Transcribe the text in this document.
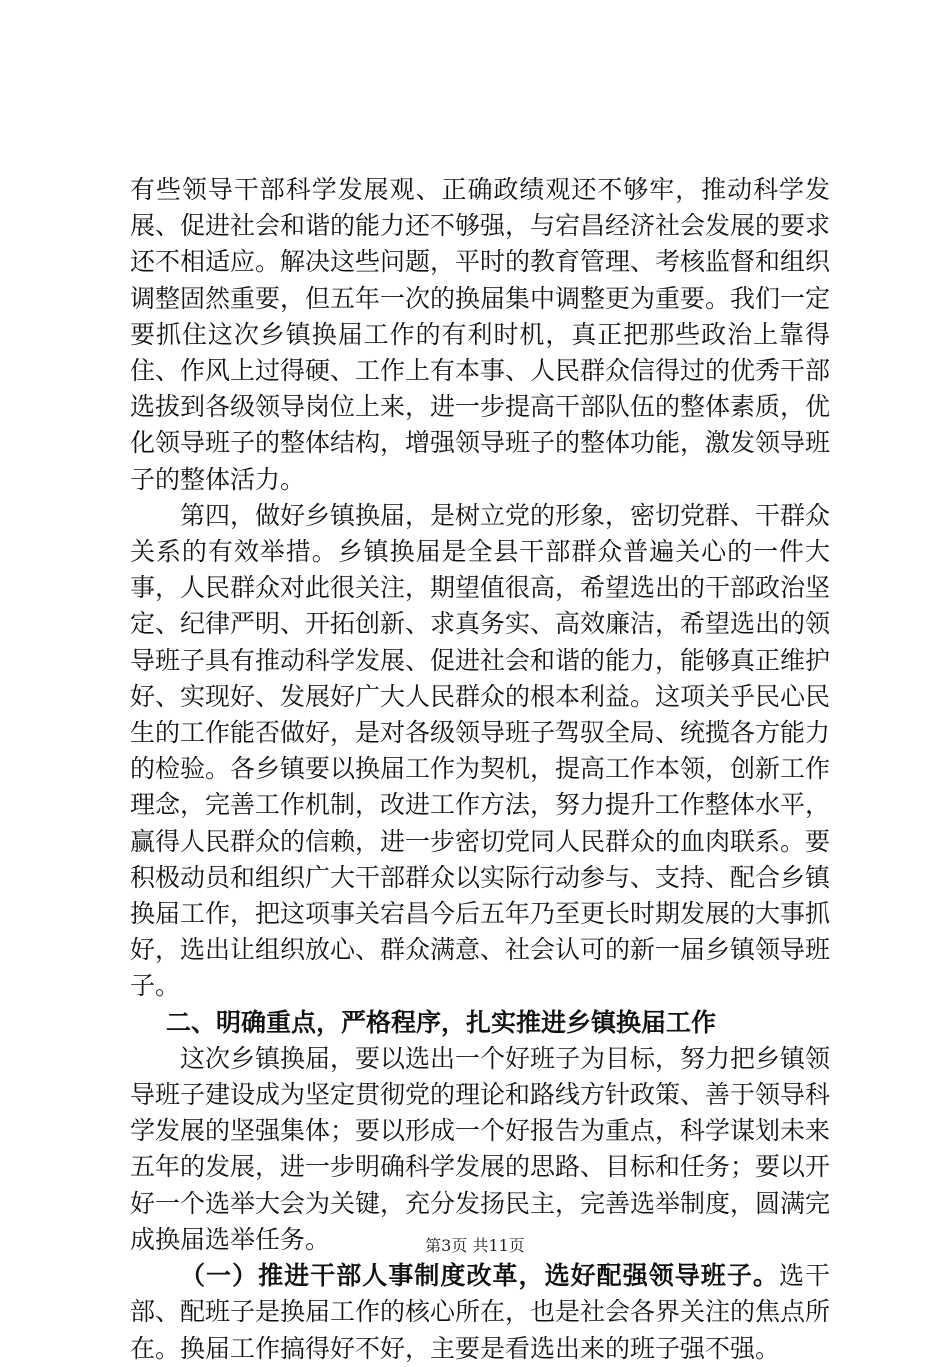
有些领导干部科学发展观、正确政绩观还不够牢，推动科学发展、促进社会和谐的能力还不够强，与宕昌经济社会发展的要求还不相适应。解决这些问题，平时的教育管理、考核监督和组织调整固然重要，但五年一次的换届集中调整更为重要。我们一定要抓住这次乡镇换届工作的有利时机，真正把那些政治上靠得住、作风上过得硬、工作上有本事、人民群众信得过的优秀干部选拔到各级领导岗位上来，进一步提高干部队伍的整体素质，优化领导班子的整体结构，增强领导班子的整体功能，激发领导班子的整体活力。

第四，做好乡镇换届，是树立党的形象，密切党群、干群众关系的有效举措。乡镇换届是全县干部群众普遍关心的一件大事，人民群众对此很关注，期望值很高，希望选出的干部政治坚定、纪律严明、开拓创新、求真务实、高效廉洁，希望选出的领导班子具有推动科学发展、促进社会和谐的能力，能够真正维护好、实现好、发展好广大人民群众的根本利益。这项关乎民心民生的工作能否做好，是对各级领导班子驾驭全局、统揽各方能力的检验。各乡镇要以换届工作为契机，提高工作本领，创新工作理念，完善工作机制，改进工作方法，努力提升工作整体水平，赢得人民群众的信赖，进一步密切党同人民群众的血肉联系。要积极动员和组织广大干部群众以实际行动参与、支持、配合乡镇换届工作，把这项事关宕昌今后五年乃至更长时期发展的大事抓好，选出让组织放心、群众满意、社会认可的新一届乡镇领导班子。

二、明确重点，严格程序，扎实推进乡镇换届工作

这次乡镇换届，要以选出一个好班子为目标，努力把乡镇领导班子建设成为坚定贯彻党的理论和路线方针政策、善于领导科学发展的坚强集体；要以形成一个好报告为重点，科学谋划未来五年的发展，进一步明确科学发展的思路、目标和任务；要以开好一个选举大会为关键，充分发扬民主，完善选举制度，圆满完成换届选举任务。

（一）推进干部人事制度改革，选好配强领导班子。选干部、配班子是换届工作的核心所在，也是社会各界关注的焦点所在。换届工作搞得好不好，主要是看选出来的班子强不强。

第3页 共11页
